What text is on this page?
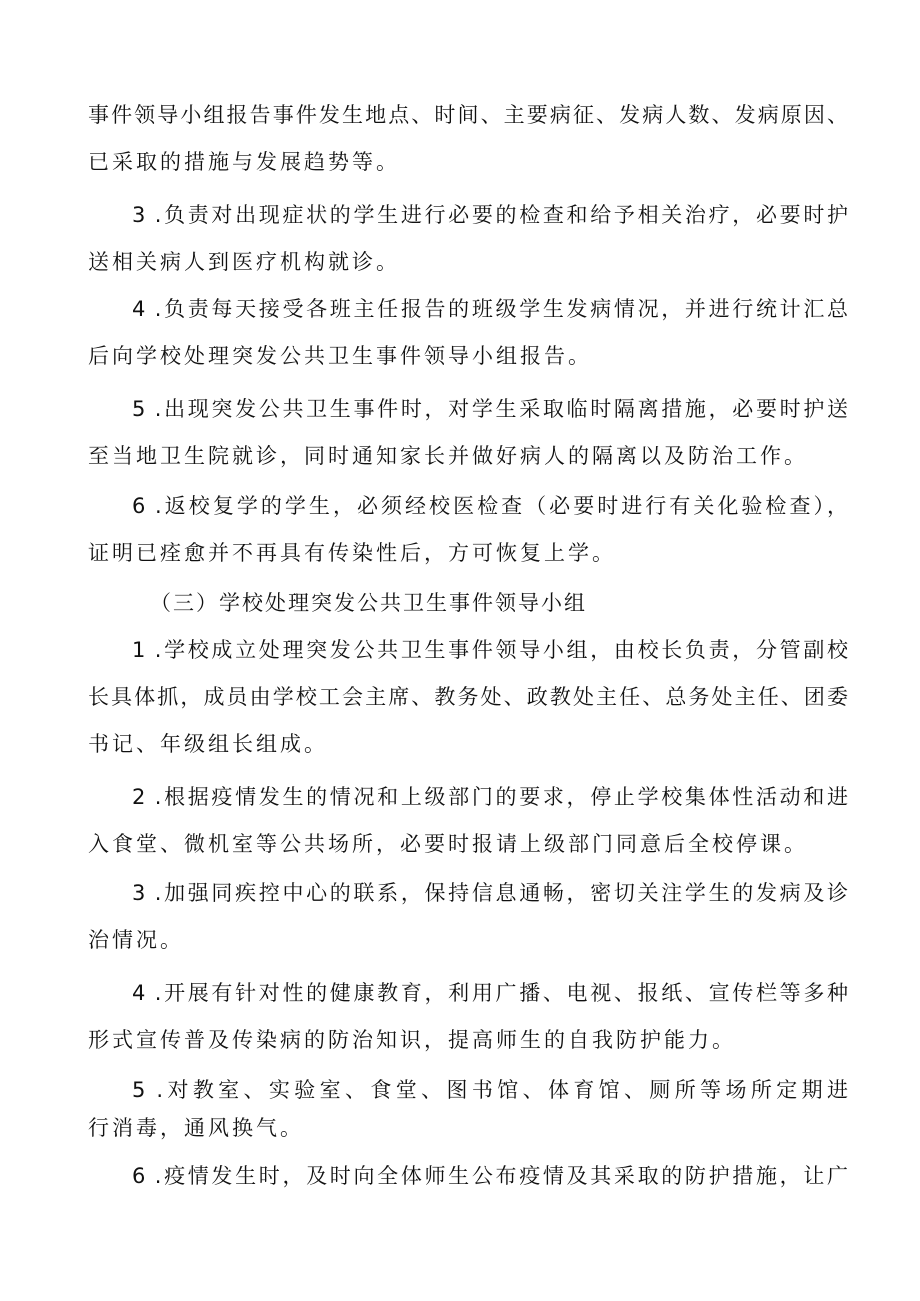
事件领导小组报告事件发生地点、时间、主要病征、发病人数、发病原因、
已采取的措施与发展趋势等。
3 .负责对出现症状的学生进行必要的检查和给予相关治疗，必要时护
送相关病人到医疗机构就诊。
4 .负责每天接受各班主任报告的班级学生发病情况，并进行统计汇总
后向学校处理突发公共卫生事件领导小组报告。
5 .出现突发公共卫生事件时，对学生采取临时隔离措施，必要时护送
至当地卫生院就诊，同时通知家长并做好病人的隔离以及防治工作。
6 .返校复学的学生，必须经校医检查（必要时进行有关化验检查），
证明已痊愈并不再具有传染性后，方可恢复上学。
（三）学校处理突发公共卫生事件领导小组
1 .学校成立处理突发公共卫生事件领导小组，由校长负责，分管副校
长具体抓，成员由学校工会主席、教务处、政教处主任、总务处主任、团委
书记、年级组长组成。
2 .根据疫情发生的情况和上级部门的要求，停止学校集体性活动和进
入食堂、微机室等公共场所，必要时报请上级部门同意后全校停课。
3 .加强同疾控中心的联系，保持信息通畅，密切关注学生的发病及诊
治情况。
4 .开展有针对性的健康教育，利用广播、电视、报纸、宣传栏等多种
形式宣传普及传染病的防治知识，提高师生的自我防护能力。
5 .对教室、实验室、食堂、图书馆、体育馆、厕所等场所定期进
行消毒，通风换气。
6 .疫情发生时，及时向全体师生公布疫情及其采取的防护措施，让广
